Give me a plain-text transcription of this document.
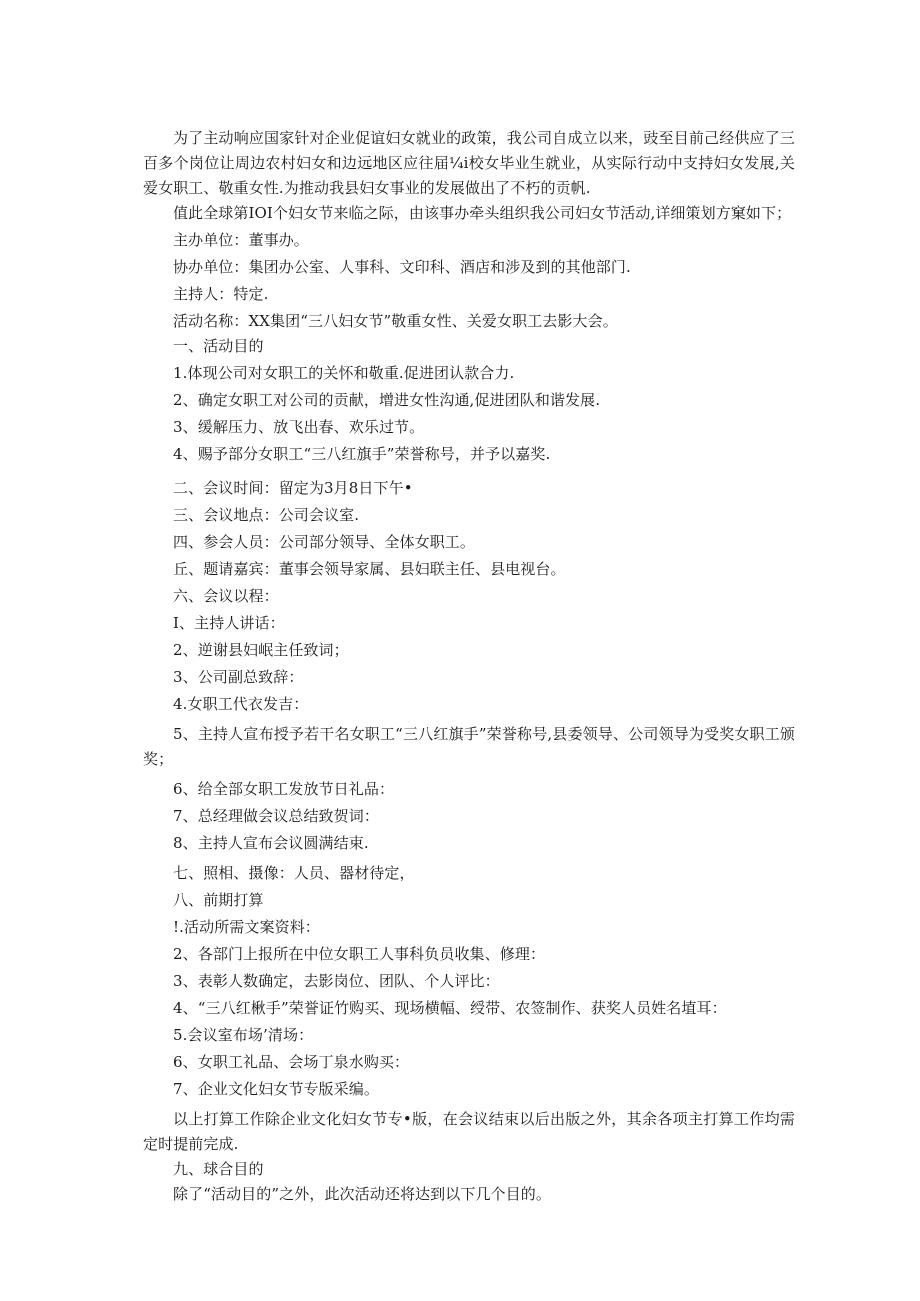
为了主动响应国家针对企业促谊妇女就业的政策，我公司自成立以来，豉至目前己经供应了三百多个岗位让周边农村妇女和边远地区应往届¼i校女毕业生就业，从实际行动中支持妇女发展,关爱女职工、敬重女性.为推动我县妇女事业的发展做出了不朽的贡帆.

值此全球第IOI个妇女节来临之际，由该事办牵头组织我公司妇女节活动,详细策划方窠如下；

主办单位：董事办。

协办单位：集团办公室、人事科、文印科、酒店和涉及到的其他部门.

主持人：特定.

活动名称：XX集团“三八妇女节”敬重女性、关爱女职工去影大会。

一、活动目的

1.体现公司对女职工的关怀和敬重.促进团认款合力.

2、确定女职工对公司的贡献，增进女性沟通,促进团队和谐发展.

3、缓解压力、放飞出春、欢乐过节。

4、赐予部分女职工“三八红旗手”荣誉称号，并予以嘉奖.

二、会议时间：留定为3月8日下午•

三、会议地点：公司会议室.

四、参会人员：公司部分领导、全体女职工。

丘、题请嘉宾：董事会领导家属、县妇联主任、县电视台。

六、会议以程：

I、主持人讲话：

2、逆谢县妇岷主任致词；

3、公司副总致辞：

4.女职工代衣发吉：

5、主持人宣布授予若干名女职工“三八红旗手”荣誉称号,县委领导、公司领导为受奖女职工颁奖；

6、给全部女职工发放节日礼品：

7、总经理做会议总结致贺词：

8、主持人宣布会议圆满结束.

七、照相、摄像：人员、器材待定，

八、前期打算

!.活动所需文案资料：

2、各部门上报所在中位女职工人事科负员收集、修理：

3、表彰人数确定，去影岗位、团队、个人评比：

4、“三八红楸手”荣誉证竹购买、现场横幅、绶带、农签制作、获奖人员姓名埴耳：

5.会议室布场’清场：

6、女职工礼品、会场丁泉水购买：

7、企业文化妇女节专版采编。

以上打算工作除企业文化妇女节专•版，在会议结束以后出版之外，其余各项主打算工作均需定时提前完成.

九、球合目的

除了“活动目的”之外，此次活动还将达到以下几个目的。
